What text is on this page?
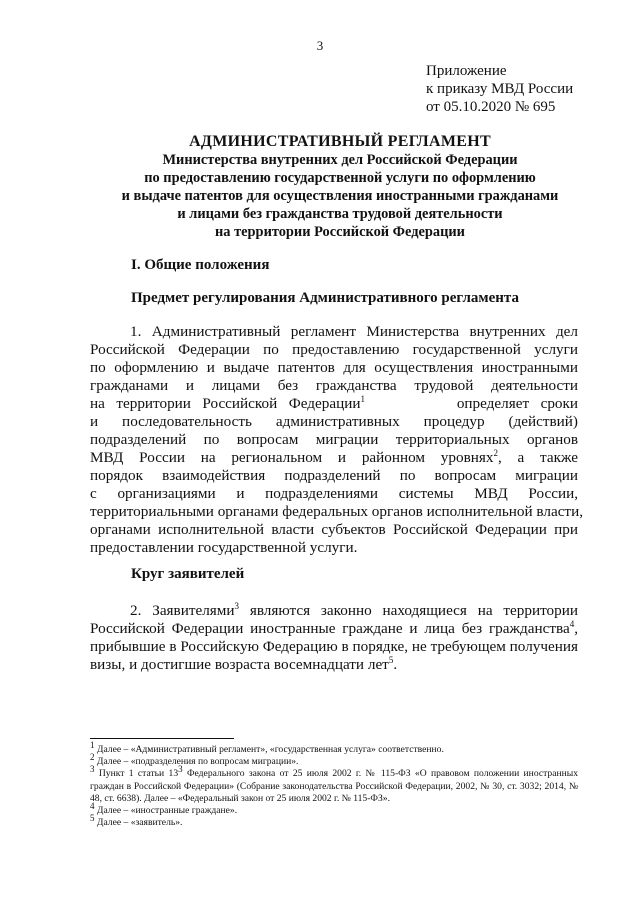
3
Приложение
к приказу МВД России
от 05.10.2020 № 695
АДМИНИСТРАТИВНЫЙ РЕГЛАМЕНТ
Министерства внутренних дел Российской Федерации
по предоставлению государственной услуги по оформлению
и выдаче патентов для осуществления иностранными гражданами
и лицами без гражданства трудовой деятельности
на территории Российской Федерации
I. Общие положения
Предмет регулирования Административного регламента
1. Административный регламент Министерства внутренних дел
Российской Федерации по предоставлению государственной услуги
по оформлению и выдаче патентов для осуществления иностранными
гражданами и лицами без гражданства трудовой деятельности
на территории Российской Федерации$^1$	определяет сроки
и последовательность административных процедур (действий)
подразделений по вопросам миграции территориальных органов
МВД России на региональном и районном уровнях$^2$, а также
порядок взаимодействия подразделений по вопросам миграции
с организациями и подразделениями системы МВД России,
территориальными органами федеральных органов исполнительной власти,
органами исполнительной власти субъектов Российской Федерации при
предоставлении государственной услуги.
Круг заявителей
2. Заявителями$^3$ являются законно находящиеся на территории
Российской Федерации иностранные граждане и лица без гражданства$^4$,
прибывшие в Российскую Федерацию в порядке, не требующем получения
визы, и достигшие возраста восемнадцати лет$^5$.
$^1$ Далее – «Административный регламент», «государственная услуга» соответственно.
$^2$ Далее – «подразделения по вопросам миграции».
$^3$ Пункт 1 статьи $13^3$ Федерального закона от 25 июля 2002 г. № 115-ФЗ «О правовом положении иностранных граждан в Российской Федерации» (Собрание законодательства Российской Федерации, 2002, № 30, ст. 3032; 2014, № 48, ст. 6638). Далее – «Федеральный закон от 25 июля 2002 г. № 115-ФЗ».
$^4$ Далее – «иностранные граждане».
$^5$ Далее – «заявитель».
